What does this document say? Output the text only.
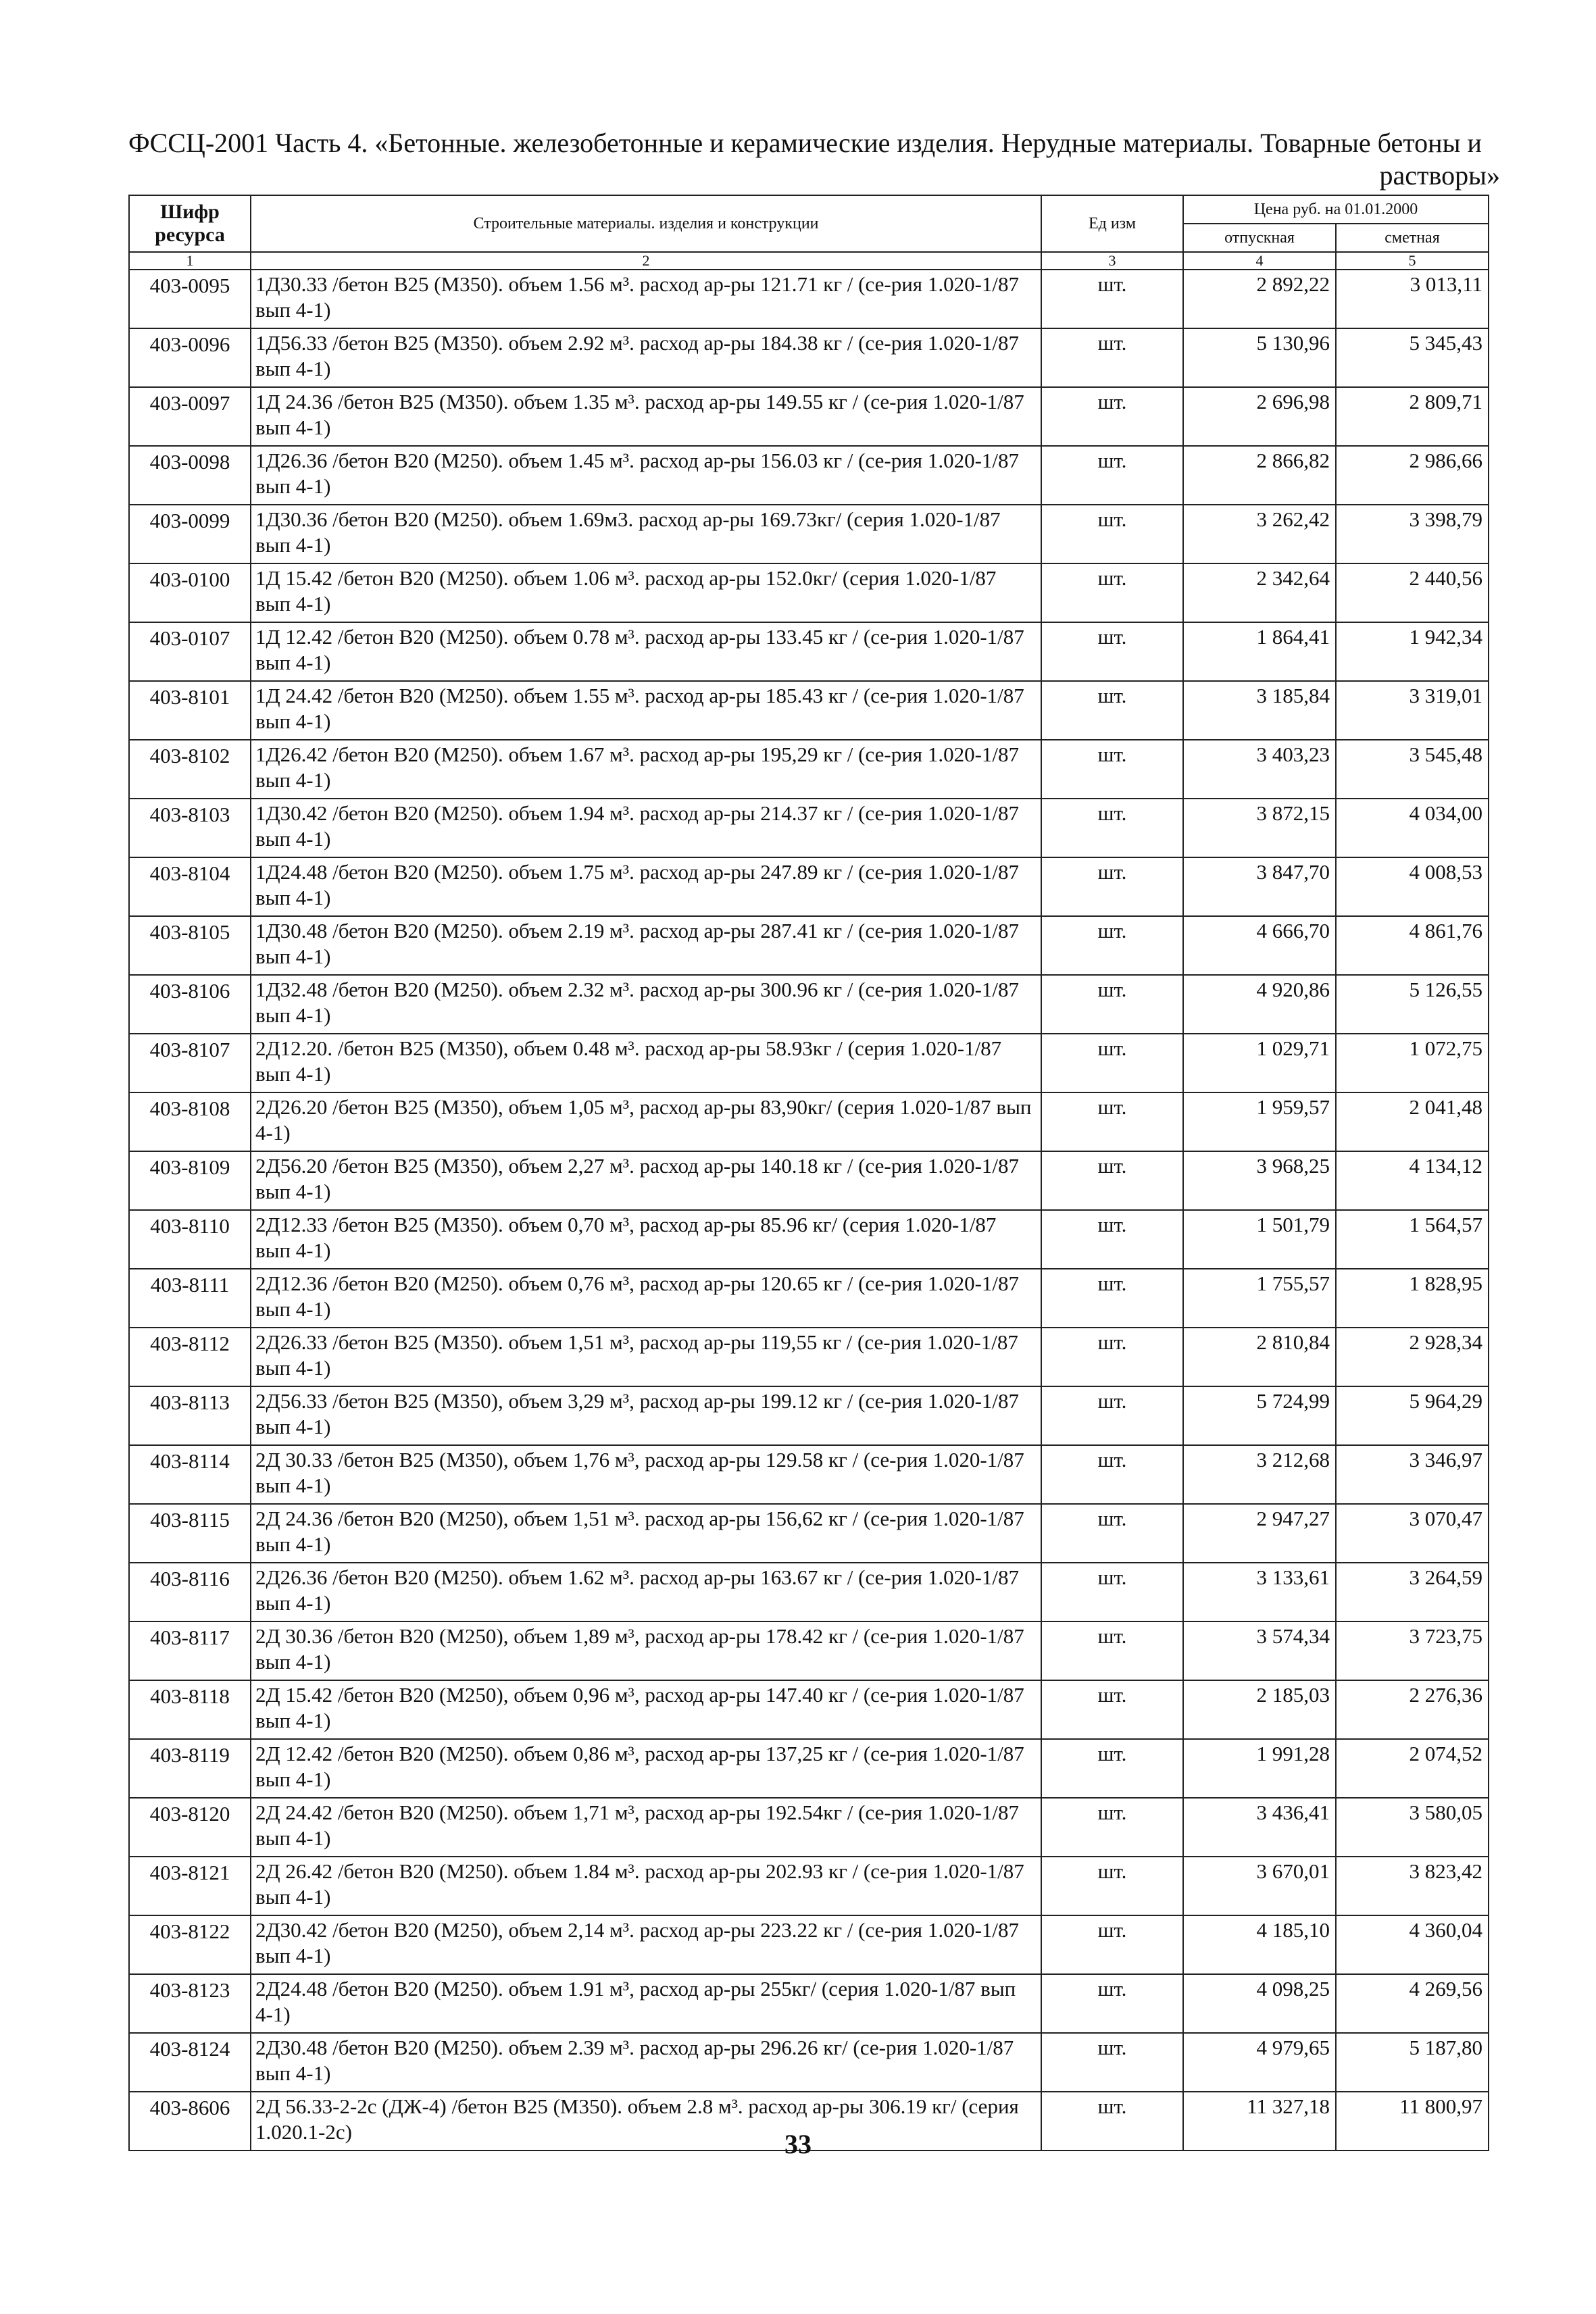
ФССЦ-2001 Часть 4. «Бетонные. железобетонные и керамические изделия. Нерудные материалы. Товарные бетоны и
растворы»
Шифр ресурса	Строительные материалы. изделия и конструкции	Ед изм	Цена руб. на 01.01.2000	
			отпускная	сметная
1	2	3	4	5
403-0095	1Д30.33 /бетон В25 (М350). объем 1.56 м³. расход ар-ры 121.71 кг / (се-рия 1.020-1/87 вып 4-1)	шт.	2 892,22	3 013,11
403-0096	1Д56.33 /бетон В25 (М350). объем 2.92 м³. расход ар-ры 184.38 кг / (се-рия 1.020-1/87 вып 4-1)	шт.	5 130,96	5 345,43
403-0097	1Д 24.36 /бетон В25 (М350). объем 1.35 м³. расход ар-ры 149.55 кг / (се-рия 1.020-1/87 вып 4-1)	шт.	2 696,98	2 809,71
403-0098	1Д26.36 /бетон В20 (М250). объем 1.45 м³. расход ар-ры 156.03 кг / (се-рия 1.020-1/87 вып 4-1)	шт.	2 866,82	2 986,66
403-0099	1Д30.36 /бетон В20 (М250). объем 1.69м3. расход ар-ры 169.73кг/ (серия 1.020-1/87 вып 4-1)	шт.	3 262,42	3 398,79
403-0100	1Д 15.42 /бетон В20 (М250). объем 1.06 м³. расход ар-ры 152.0кг/ (серия 1.020-1/87 вып 4-1)	шт.	2 342,64	2 440,56
403-0107	1Д 12.42 /бетон В20 (М250). объем 0.78 м³. расход ар-ры 133.45 кг / (се-рия 1.020-1/87 вып 4-1)	шт.	1 864,41	1 942,34
403-8101	1Д 24.42 /бетон В20 (М250). объем 1.55 м³. расход ар-ры 185.43 кг / (се-рия 1.020-1/87 вып 4-1)	шт.	3 185,84	3 319,01
403-8102	1Д26.42 /бетон В20 (М250). объем 1.67 м³. расход ар-ры 195,29 кг / (се-рия 1.020-1/87 вып 4-1)	шт.	3 403,23	3 545,48
403-8103	1Д30.42 /бетон В20 (М250). объем 1.94 м³. расход ар-ры 214.37 кг / (се-рия 1.020-1/87 вып 4-1)	шт.	3 872,15	4 034,00
403-8104	1Д24.48 /бетон В20 (М250). объем 1.75 м³. расход ар-ры 247.89 кг / (се-рия 1.020-1/87 вып 4-1)	шт.	3 847,70	4 008,53
403-8105	1Д30.48 /бетон В20 (М250). объем 2.19 м³. расход ар-ры 287.41 кг / (се-рия 1.020-1/87 вып 4-1)	шт.	4 666,70	4 861,76
403-8106	1Д32.48 /бетон В20 (М250). объем 2.32 м³. расход ар-ры 300.96 кг / (се-рия 1.020-1/87 вып 4-1)	шт.	4 920,86	5 126,55
403-8107	2Д12.20. /бетон В25 (М350), объем 0.48 м³. расход ар-ры 58.93кг / (серия 1.020-1/87 вып 4-1)	шт.	1 029,71	1 072,75
403-8108	2Д26.20 /бетон В25 (М350), объем 1,05 м³, расход ар-ры 83,90кг/ (серия 1.020-1/87 вып 4-1)	шт.	1 959,57	2 041,48
403-8109	2Д56.20 /бетон В25 (М350), объем 2,27 м³. расход ар-ры 140.18 кг / (се-рия 1.020-1/87 вып 4-1)	шт.	3 968,25	4 134,12
403-8110	2Д12.33 /бетон В25 (М350). объем 0,70 м³, расход ар-ры 85.96 кг/ (серия 1.020-1/87 вып 4-1)	шт.	1 501,79	1 564,57
403-8111	2Д12.36 /бетон В20 (М250). объем 0,76 м³, расход ар-ры 120.65 кг / (се-рия 1.020-1/87 вып 4-1)	шт.	1 755,57	1 828,95
403-8112	2Д26.33 /бетон В25 (М350). объем 1,51 м³, расход ар-ры 119,55 кг / (се-рия 1.020-1/87 вып 4-1)	шт.	2 810,84	2 928,34
403-8113	2Д56.33 /бетон В25 (М350), объем 3,29 м³, расход ар-ры 199.12 кг / (се-рия 1.020-1/87 вып 4-1)	шт.	5 724,99	5 964,29
403-8114	2Д 30.33 /бетон В25 (М350), объем 1,76 м³, расход ар-ры 129.58 кг / (се-рия 1.020-1/87 вып 4-1)	шт.	3 212,68	3 346,97
403-8115	2Д 24.36 /бетон В20 (М250), объем 1,51 м³. расход ар-ры 156,62 кг / (се-рия 1.020-1/87 вып 4-1)	шт.	2 947,27	3 070,47
403-8116	2Д26.36 /бетон В20 (М250). объем 1.62 м³. расход ар-ры 163.67 кг / (се-рия 1.020-1/87 вып 4-1)	шт.	3 133,61	3 264,59
403-8117	2Д 30.36 /бетон В20 (М250), объем 1,89 м³, расход ар-ры 178.42 кг / (се-рия 1.020-1/87 вып 4-1)	шт.	3 574,34	3 723,75
403-8118	2Д 15.42 /бетон В20 (М250), объем 0,96 м³, расход ар-ры 147.40 кг / (се-рия 1.020-1/87 вып 4-1)	шт.	2 185,03	2 276,36
403-8119	2Д 12.42 /бетон В20 (М250). объем 0,86 м³, расход ар-ры 137,25 кг / (се-рия 1.020-1/87 вып 4-1)	шт.	1 991,28	2 074,52
403-8120	2Д 24.42 /бетон В20 (М250). объем 1,71 м³, расход ар-ры 192.54кг / (се-рия 1.020-1/87 вып 4-1)	шт.	3 436,41	3 580,05
403-8121	2Д 26.42 /бетон В20 (М250). объем 1.84 м³. расход ар-ры 202.93 кг / (се-рия 1.020-1/87 вып 4-1)	шт.	3 670,01	3 823,42
403-8122	2Д30.42 /бетон В20 (М250), объем 2,14 м³. расход ар-ры 223.22 кг / (се-рия 1.020-1/87 вып 4-1)	шт.	4 185,10	4 360,04
403-8123	2Д24.48 /бетон В20 (М250). объем 1.91 м³, расход ар-ры 255кг/ (серия 1.020-1/87 вып 4-1)	шт.	4 098,25	4 269,56
403-8124	2Д30.48 /бетон В20 (М250). объем 2.39 м³. расход ар-ры 296.26 кг/ (се-рия 1.020-1/87 вып 4-1)	шт.	4 979,65	5 187,80
403-8606	2Д 56.33-2-2с (ДЖ-4) /бетон В25 (М350). объем 2.8 м³. расход ар-ры 306.19 кг/ (серия 1.020.1-2с)	шт.	11 327,18	11 800,97
33
